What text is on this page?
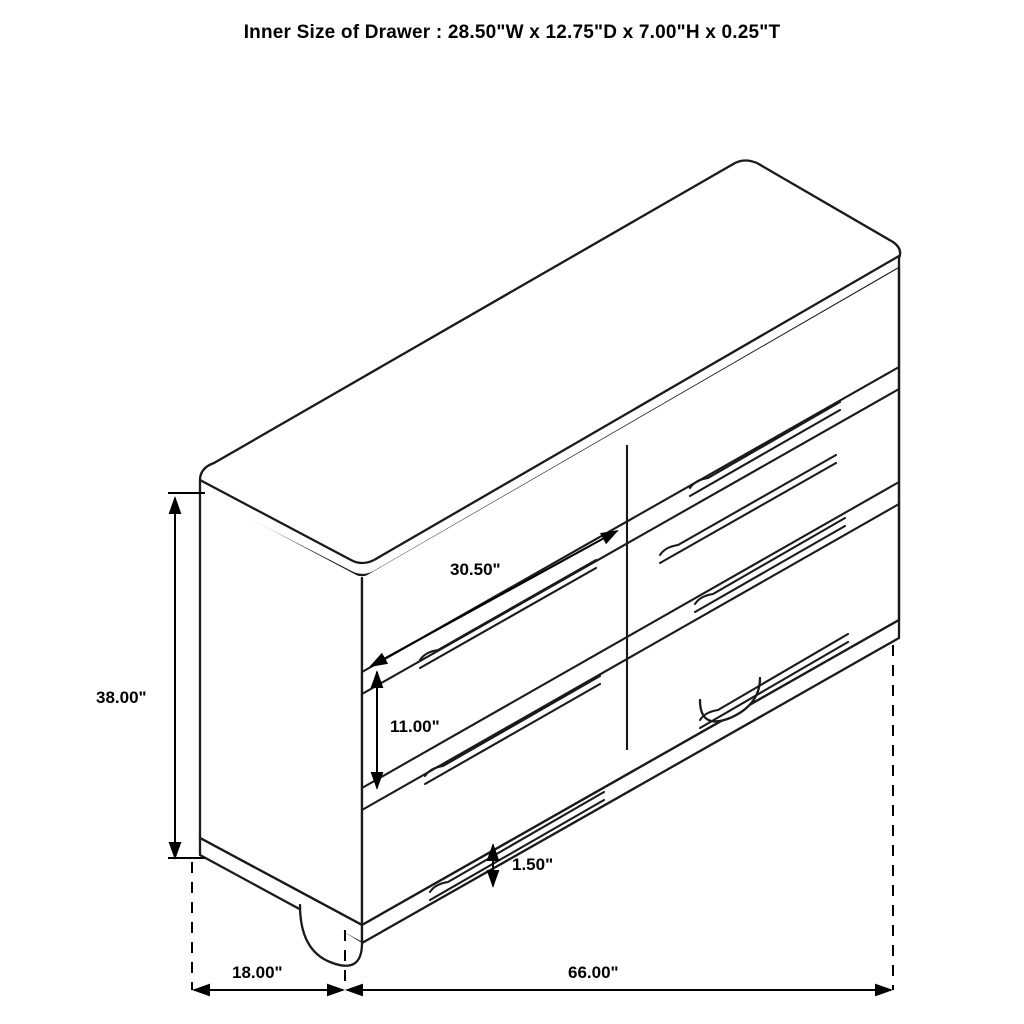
Inner Size of Drawer : 28.50"W x 12.75"D x 7.00"H x 0.25"T
38.00"
18.00"	66.00"
30.50"
11.00"
1.50"
